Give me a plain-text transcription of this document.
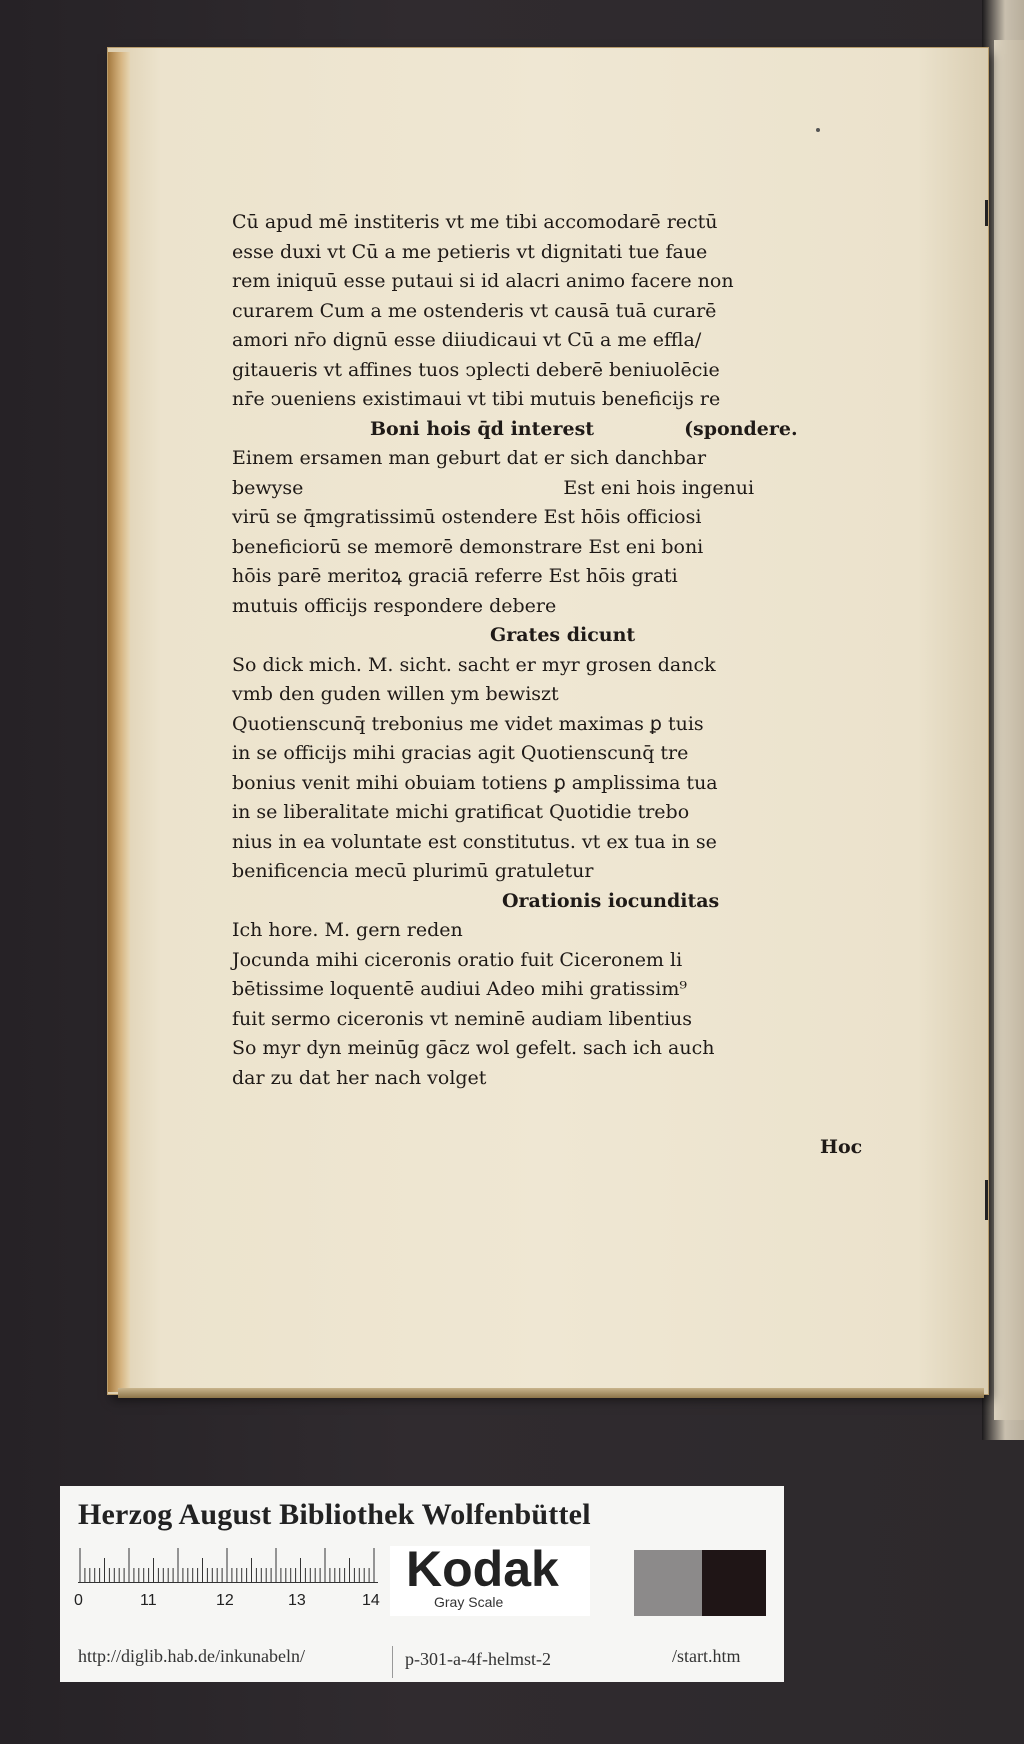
Cū apud mē institeris vt me tibi accomodarē rectū
esse duxi vt Cū a me petieris vt dignitati tue faue
rem iniquū esse putaui si id alacri animo facere non
curarem Cum a me ostenderis vt causā tuā curarē
amori nr̄o dignū esse diiudicaui vt Cū a me effla/
gitaueris vt affines tuos ↄplecti deberē beniuolēcie
nr̄e ↄueniens existimaui vt tibi mutuis beneficijs re
Boni hois q̄d interest	(spondere.
Einem ersamen man geburt dat er sich danchbar
bewyse	Est eni hois ingenui
virū se q̄mgratissimū ostendere Est hōis officiosi
beneficiorū se memorē demonstrare Est eni boni
hōis parē meritoꝝ graciā referre Est hōis grati
mutuis officijs respondere debere
Grates dicunt
So dick mich. M. sicht. sacht er myr grosen danck
vmb den guden willen ym bewiszt
Quotienscunq̄ trebonius me videt maximas ꝑ tuis
in se officijs mihi gracias agit Quotienscunq̄ tre
bonius venit mihi obuiam totiens ꝑ amplissima tua
in se liberalitate michi gratificat Quotidie trebo
nius in ea voluntate est constitutus. vt ex tua in se
benificencia mecū plurimū gratuletur
Orationis iocunditas
Ich hore. M. gern reden
Jocunda mihi ciceronis oratio fuit Ciceronem li
bētissime loquentē audiui Adeo mihi gratissim⁹
fuit sermo ciceronis vt neminē audiam libentius
So myr dyn meinūg gācz wol gefelt. sach ich auch
dar zu dat her nach volget
Hoc
Herzog August Bibliothek Wolfenbüttel
0	11	12	13	14
Kodak
Gray Scale
http://diglib.hab.de/inkunabeln/	p-301-a-4f-helmst-2	/start.htm
